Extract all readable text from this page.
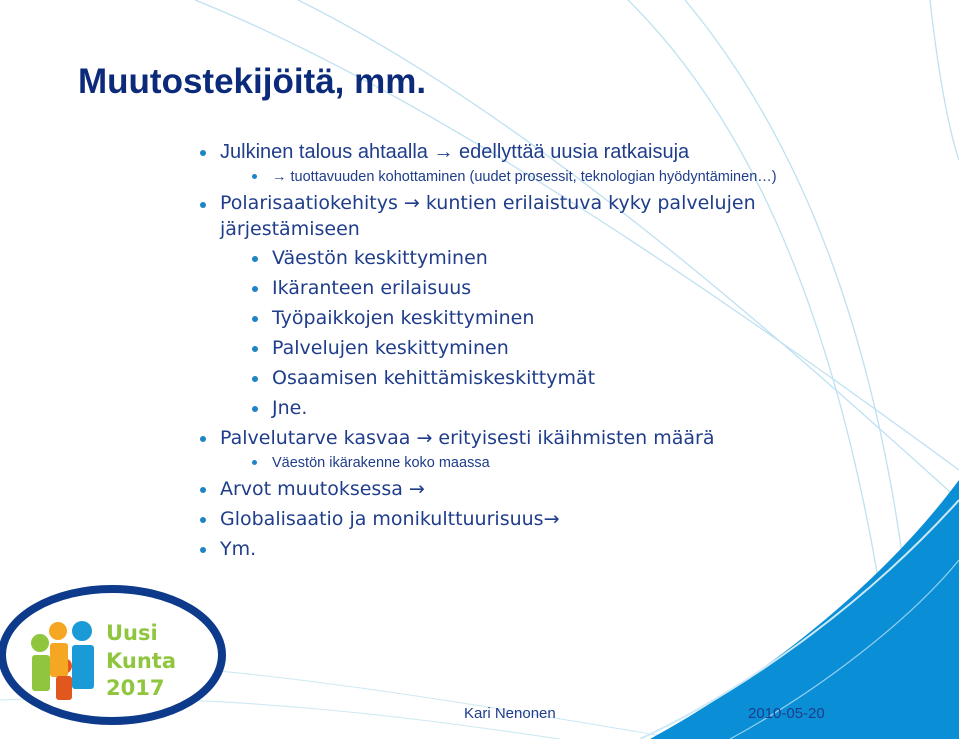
Uusi
Kunta
2017
Muutostekijöitä, mm.
Julkinen talous ahtaalla → edellyttää uusia ratkaisuja
→ tuottavuuden kohottaminen (uudet prosessit, teknologian hyödyntäminen…)
Polarisaatiokehitys → kuntien erilaistuva kyky palvelujen
järjestämiseen
Väestön keskittyminen
Ikäranteen erilaisuus
Työpaikkojen keskittyminen
Palvelujen keskittyminen
Osaamisen kehittämiskeskittymät
Jne.
Palvelutarve kasvaa → erityisesti ikäihmisten määrä
Väestön ikärakenne koko maassa
Arvot muutoksessa →
Globalisaatio ja monikulttuurisuus→
Ym.
Kari Nenonen	2010-05-20
